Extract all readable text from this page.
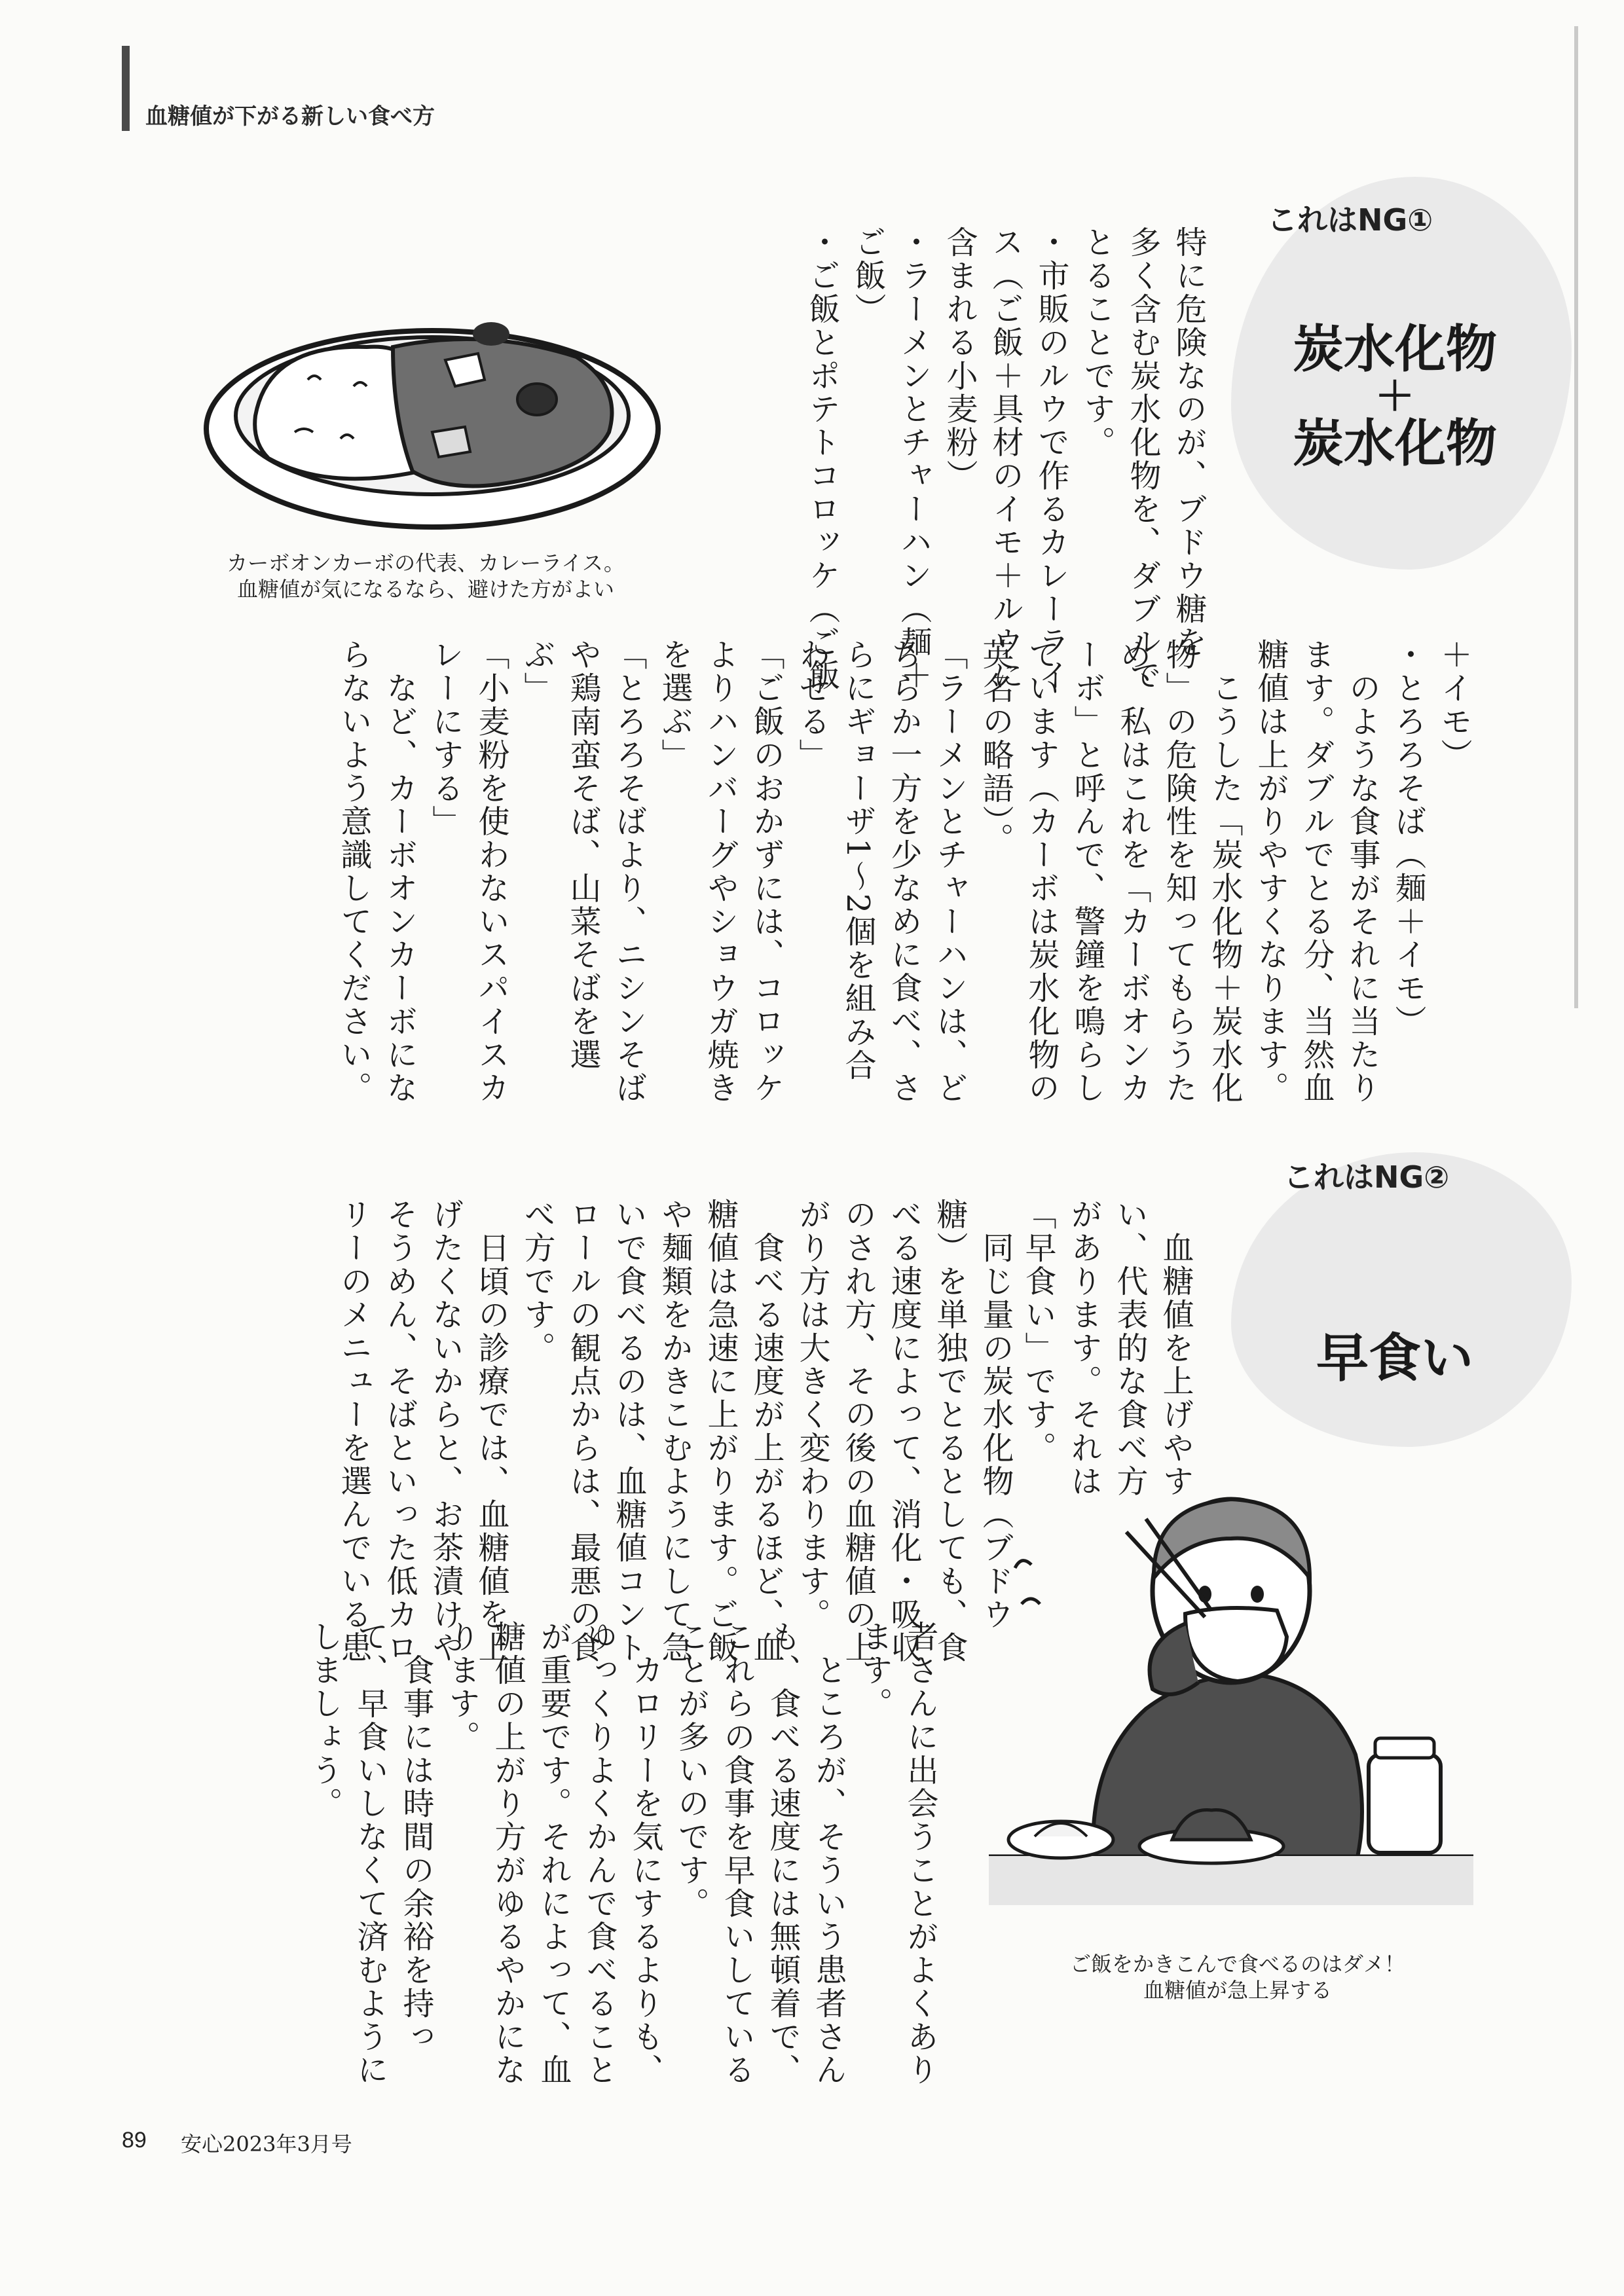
血糖値が下がる新しい食べ方
これはNG①
炭水化物
＋
炭水化物

特に危険なのが、ブドウ糖を
多く含む炭水化物を、ダブルで
とることです。
・市販のルウで作るカレーライ
ス（ご飯＋具材のイモ＋ルウに
含まれる小麦粉）
・ラーメンとチャーハン（麺＋
ご飯）
・ご飯とポテトコロッケ（ご飯

カーボオンカーボの代表、カレーライス。
血糖値が気になるなら、避けた方がよい

＋イモ）
・とろろそば（麺＋イモ）
　のような食事がそれに当たり
ます。ダブルでとる分、当然血
糖値は上がりやすくなります。
　こうした「炭水化物＋炭水化
物」の危険性を知ってもらうた
め、私はこれを「カーボオンカ
ーボ」と呼んで、警鐘を鳴らし
ています（カーボは炭水化物の
英名の略語）。
「ラーメンとチャーハンは、ど
ちらか一方を少なめに食べ、さ
らにギョーザ1～2個を組み合
わせる」
「ご飯のおかずには、コロッケ
よりハンバーグやショウガ焼き
を選ぶ」
「とろろそばより、ニシンそば
や鶏南蛮そば、山菜そばを選
ぶ」
「小麦粉を使わないスパイスカ
レーにする」
　など、カーボオンカーボにな
らないよう意識してください。

これはNG②
早食い

　血糖値を上げやす
い、代表的な食べ方
があります。それは
「早食い」です。

　同じ量の炭水化物（ブドウ
糖）を単独でとるとしても、食
べる速度によって、消化・吸収
のされ方、その後の血糖値の上
がり方は大きく変わります。
　食べる速度が上がるほど、血
糖値は急速に上がります。ご飯
や麺類をかきこむようにして急
いで食べるのは、血糖値コント
ロールの観点からは、最悪の食
べ方です。
　日頃の診療では、血糖値を上
げたくないからと、お茶漬けや
そうめん、そばといった低カロ
リーのメニューを選んでいる患

ご飯をかきこんで食べるのはダメ！
血糖値が急上昇する

者さんに出会うことがよくあり
ます。
　ところが、そういう患者さん
も、食べる速度には無頓着で、
これらの食事を早食いしている
ことが多いのです。
　カロリーを気にするよりも、
ゆっくりよくかんで食べること
が重要です。それによって、血
糖値の上がり方がゆるやかにな
ります。
　食事には時間の余裕を持っ
て、早食いしなくて済むように
しましょう。

89 安心2023年3月号
